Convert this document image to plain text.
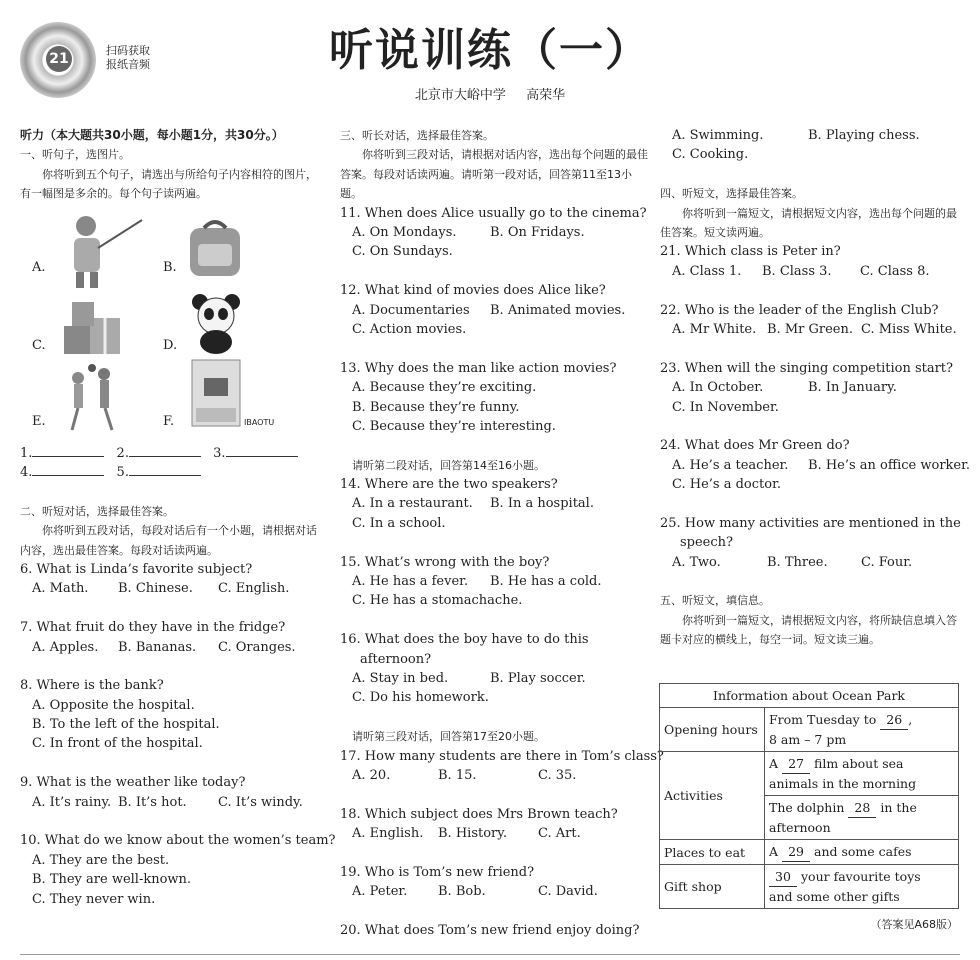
21
扫码获取
报纸音频	听说训练（一）
北京市大峪中学 高荣华
听力（本大题共30小题，每小题1分，共30分。）
一、听句子，选图片。
你将听到五个句子，请选出与所给句子内容相符的图片，有一幅图是多余的。每个句子读两遍。
A.	B.
C.	D.
E.	F.	IBAOTU
1.	2.	3.
4.	5.
二、听短对话，选择最佳答案。
你将听到五段对话，每段对话后有一个小题，请根据对话内容，选出最佳答案。每段对话读两遍。
6. What is Linda’s favorite subject?
A. Math. B. Chinese. C. English.
7. What fruit do they have in the fridge?
A. Apples. B. Bananas. C. Oranges.
8. Where is the bank?
A. Opposite the hospital.
B. To the left of the hospital.
C. In front of the hospital.
9. What is the weather like today?
A. It’s rainy. B. It’s hot. C. It’s windy.
10. What do we know about the women’s team?
A. They are the best.
B. They are well-known.
C. They never win.
三、听长对话，选择最佳答案。
你将听到三段对话，请根据对话内容，选出每个问题的最佳答案。每段对话读两遍。请听第一段对话，回答第11至13小题。
11. When does Alice usually go to the cinema?
A. On Mondays.	B. On Fridays.
C. On Sundays.
12. What kind of movies does Alice like?
A. Documentaries B. Animated movies.
C. Action movies.
13. Why does the man like action movies?
A. Because they’re exciting.
B. Because they’re funny.
C. Because they’re interesting.
请听第二段对话，回答第14至16小题。
14. Where are the two speakers?
A. In a restaurant. B. In a hospital.
C. In a school.
15. What’s wrong with the boy?
A. He has a fever. B. He has a cold.
C. He has a stomachache.
16. What does the boy have to do this
afternoon?
A. Stay in bed.	B. Play soccer.
C. Do his homework.
请听第三段对话，回答第17至20小题。
17. How many students are there in Tom’s class?
A. 20.	B. 15.	C. 35.
18. Which subject does Mrs Brown teach?
A. English. B. History. C. Art.
19. Who is Tom’s new friend?
A. Peter. B. Bob.	C. David.
20. What does Tom’s new friend enjoy doing?
A. Swimming.	B. Playing chess.
C. Cooking.
四、听短文，选择最佳答案。
你将听到一篇短文，请根据短文内容，选出每个问题的最佳答案。短文读两遍。
21. Which class is Peter in?
A. Class 1. B. Class 3. C. Class 8.
22. Who is the leader of the English Club?
A. Mr White. B. Mr Green. C. Miss White.
23. When will the singing competition start?
A. In October.	B. In January.
C. In November.
24. What does Mr Green do?
A. He’s a teacher. B. He’s an office worker.
C. He’s a doctor.
25. How many activities are mentioned in the
speech?
A. Two.	B. Three.	C. Four.
五、听短文，填信息。
你将听到一篇短文，请根据短文内容，将所缺信息填入答题卡对应的横线上，每空一词。短文读三遍。
Information about Ocean Park	
Opening hours	From Tuesday to 26 ,
8 am – 7 pm
Activities	A 27 film about sea
animals in the morning
	The dolphin 28 in the
afternoon
Places to eat	A 29 and some cafes
Gift shop	30 your favourite toys
and some other gifts
（答案见A68版）
